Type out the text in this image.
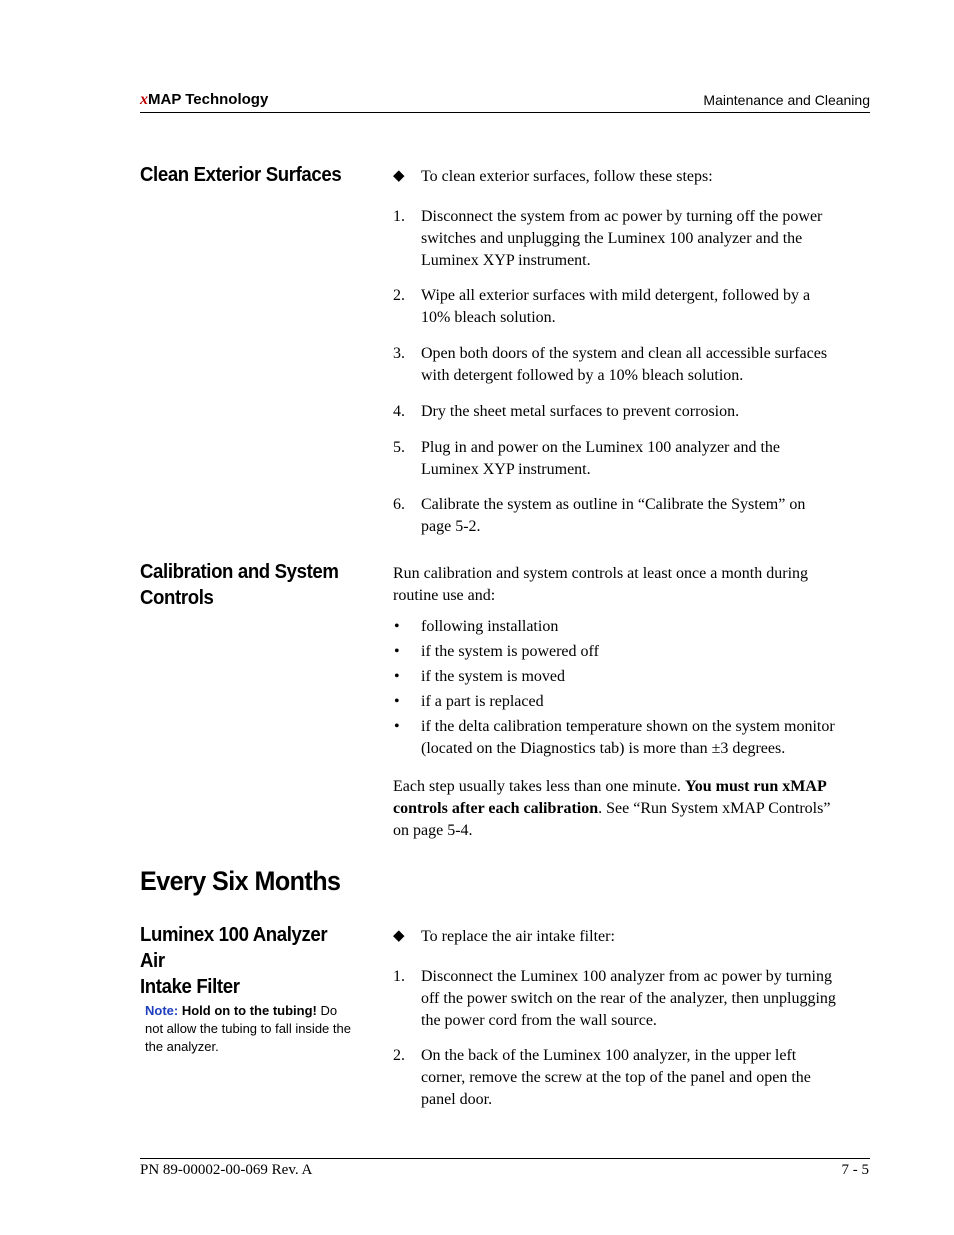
xMAP Technology	Maintenance and Cleaning
Clean Exterior Surfaces	◆ To clean exterior surfaces, follow these steps:
1. Disconnect the system from ac power by turning off the power
switches and unplugging the Luminex 100 analyzer and the
Luminex XYP instrument.
2. Wipe all exterior surfaces with mild detergent, followed by a
10% bleach solution.
3. Open both doors of the system and clean all accessible surfaces
with detergent followed by a 10% bleach solution.
4. Dry the sheet metal surfaces to prevent corrosion.
5. Plug in and power on the Luminex 100 analyzer and the
Luminex XYP instrument.
6. Calibrate the system as outline in “Calibrate the System” on
page 5-2.
Calibration and System
Controls
Run calibration and system controls at least once a month during
routine use and:
• following installation
• if the system is powered off
• if the system is moved
• if a part is replaced
• if the delta calibration temperature shown on the system monitor
(located on the Diagnostics tab) is more than ±3 degrees.
Each step usually takes less than one minute. You must run xMAP
controls after each calibration. See “Run System xMAP Controls”
on page 5-4.
Every Six Months
Luminex 100 Analyzer Air
Intake Filter
Note: Hold on to the tubing! Do
not allow the tubing to fall inside the
the analyzer.
◆ To replace the air intake filter:
1. Disconnect the Luminex 100 analyzer from ac power by turning
off the power switch on the rear of the analyzer, then unplugging
the power cord from the wall source.
2. On the back of the Luminex 100 analyzer, in the upper left
corner, remove the screw at the top of the panel and open the
panel door.
PN 89-00002-00-069 Rev. A	7 - 5
